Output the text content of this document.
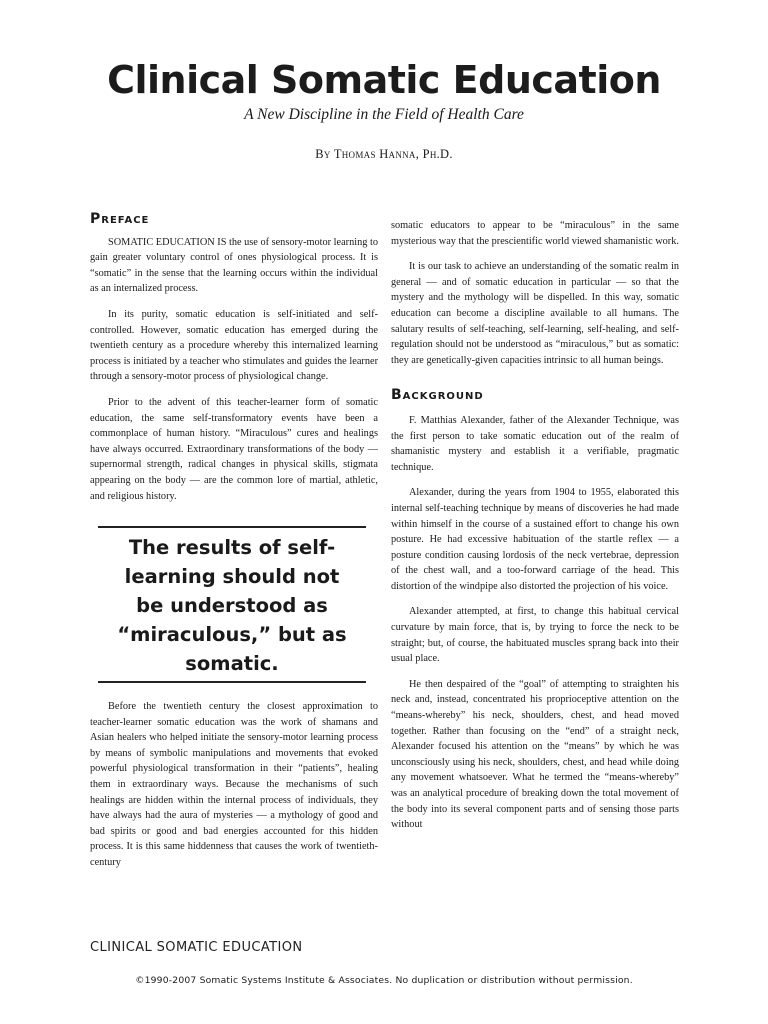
Clinical Somatic Education

A New Discipline in the Field of Health Care

By Thomas Hanna, Ph.D.

Preface

SOMATIC EDUCATION IS the use of sensory-motor learning to gain greater voluntary control of ones physiological process. It is “somatic” in the sense that the learning occurs within the individual as an internalized process.

In its purity, somatic education is self-initiated and self-controlled. However, somatic education has emerged during the twentieth century as a procedure whereby this internalized learning process is initiated by a teacher who stimulates and guides the learner through a sensory-motor process of physiological change.

Prior to the advent of this teacher-learner form of somatic education, the same self-transformatory events have been a commonplace of human history. “Miraculous” cures and healings have always occurred. Extraordinary transformations of the body — supernormal strength, radical changes in physical skills, stigmata appearing on the body — are the common lore of martial, athletic, and religious history.

The results of self-learning should not be understood as “miraculous,” but as somatic.

Before the twentieth century the closest approximation to teacher-learner somatic education was the work of shamans and Asian healers who helped initiate the sensory-motor learning process by means of symbolic manipulations and movements that evoked powerful physiological transformation in their “patients”, healing them in extraordinary ways. Because the mechanisms of such healings are hidden within the internal process of individuals, they have always had the aura of mysteries — a mythology of good and bad spirits or good and bad energies accounted for this hidden process. It is this same hiddenness that causes the work of twentieth-century

somatic educators to appear to be “miraculous” in the same mysterious way that the prescientific world viewed shamanistic work.

It is our task to achieve an understanding of the somatic realm in general — and of somatic education in particular — so that the mystery and the mythology will be dispelled. In this way, somatic education can become a discipline available to all humans. The salutary results of self-teaching, self-learning, self-healing, and self-regulation should not be understood as “miraculous,” but as somatic: they are genetically-given capacities intrinsic to all human beings.

Background

F. Matthias Alexander, father of the Alexander Technique, was the first person to take somatic education out of the realm of shamanistic mystery and establish it a verifiable, pragmatic technique.

Alexander, during the years from 1904 to 1955, elaborated this internal self-teaching technique by means of discoveries he had made within himself in the course of a sustained effort to change his own posture. He had excessive habituation of the startle reflex — a posture condition causing lordosis of the neck vertebrae, depression of the chest wall, and a too-forward carriage of the head. This distortion of the windpipe also distorted the projection of his voice.

Alexander attempted, at first, to change this habitual cervical curvature by main force, that is, by trying to force the neck to be straight; but, of course, the habituated muscles sprang back into their usual place.

He then despaired of the “goal” of attempting to straighten his neck and, instead, concentrated his proprioceptive attention on the “means-whereby” his neck, shoulders, chest, and head moved together. Rather than focusing on the “end” of a straight neck, Alexander focused his attention on the “means” by which he was unconsciously using his neck, shoulders, chest, and head while doing any movement whatsoever. What he termed the “means-whereby” was an analytical procedure of breaking down the total movement of the body into its several component parts and of sensing those parts without

CLINICAL SOMATIC EDUCATION

©1990-2007 Somatic Systems Institute & Associates. No duplication or distribution without permission.
